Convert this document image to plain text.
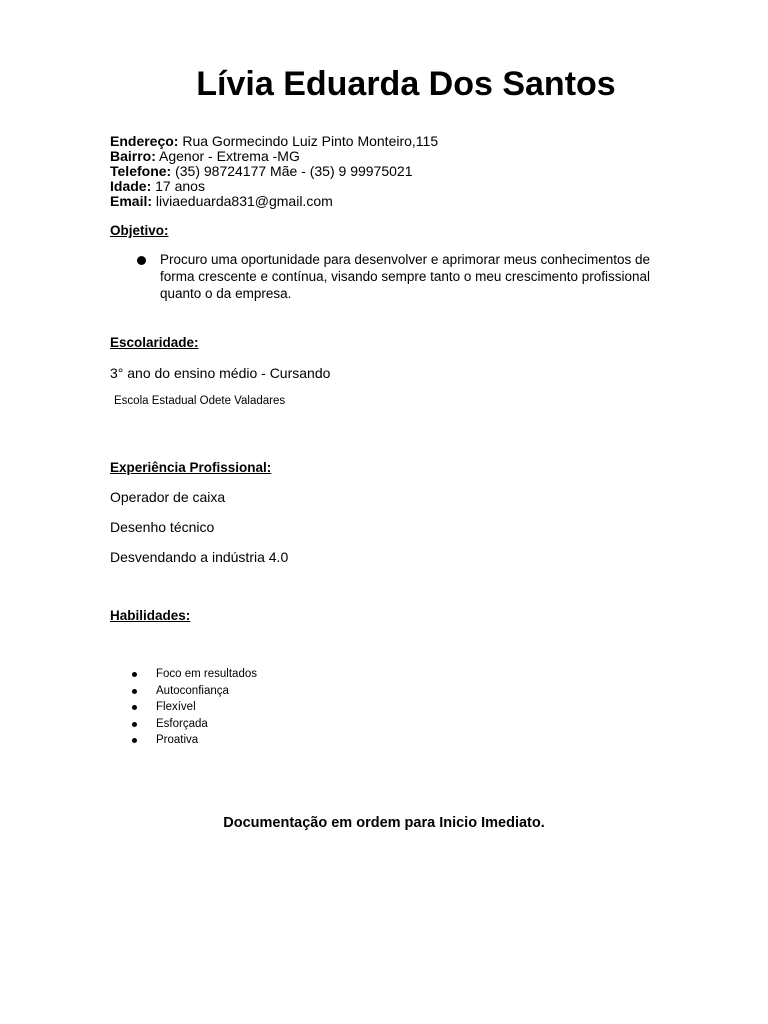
Lívia Eduarda Dos Santos
Endereço: Rua Gormecindo Luiz Pinto Monteiro,115
Bairro: Agenor - Extrema -MG
Telefone: (35) 98724177 Mãe - (35) 9 99975021
Idade: 17 anos
Email: liviaeduarda831@gmail.com
Objetivo:
Procuro uma oportunidade para desenvolver e aprimorar meus conhecimentos de forma crescente e contínua, visando sempre tanto o meu crescimento profissional quanto o da empresa.
Escolaridade:
3° ano do ensino médio - Cursando
Escola Estadual Odete Valadares
Experiência Profissional:
Operador de caixa
Desenho técnico
Desvendando a indústria 4.0
Habilidades:
Foco em resultados
Autoconfiança
Flexível
Esforçada
Proativa
Documentação em ordem para Inicio Imediato.
